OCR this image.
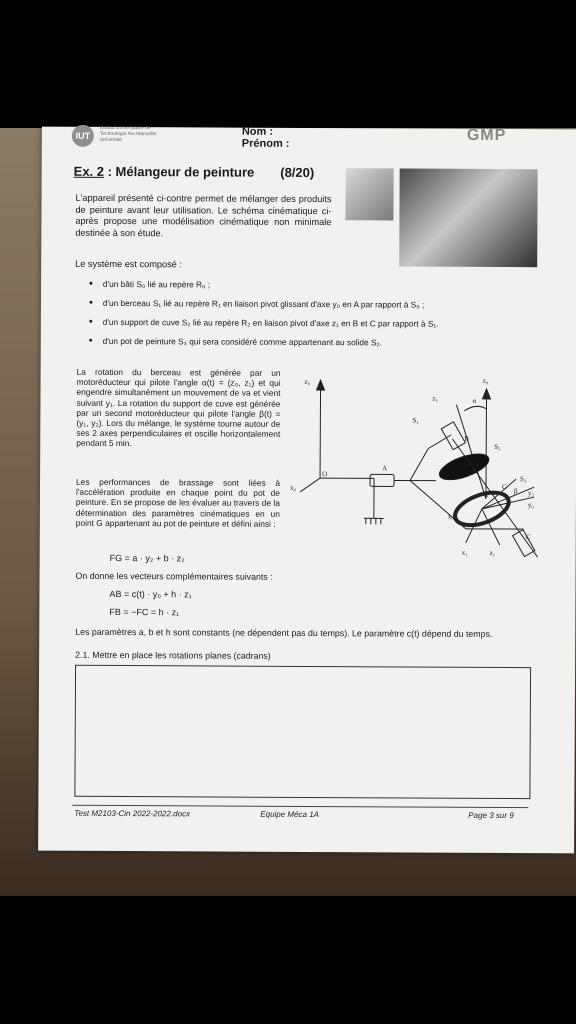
IUT
Institut Universitaire de Technologie Aix-Marseille Université
Nom :
Prénom :	GMP
Ex. 2 : Mélangeur de peinture (8/20)
L'appareil présenté ci-contre permet de mélanger des produits de peinture avant leur utilisation. Le schéma cinématique ci-après propose une modélisation cinématique non minimale destinée à son étude.
Le système est composé :
• d'un bâti S₀ lié au repère R₀ ;
• d'un berceau S₁ lié au repère R₁ en liaison pivot glissant d'axe y₀ en A par rapport à S₀ ;
• d'un support de cuve S₂ lié au repère R₂ en liaison pivot d'axe z₁ en B et C par rapport à S₁.
• d'un pot de peinture S₃ qui sera considéré comme appartenant au solide S₂.
La rotation du berceau est générée par un motoréducteur qui pilote l'angle α(t) = (z₀, z₁) et qui engendre simultanément un mouvement de va et vient suivant y₁. La rotation du support de cuve est générée par un second motoréducteur qui pilote l'angle β(t) = (y₁, y₂). Lors du mélange, le système tourne autour de ses 2 axes perpendiculaires et oscille horizontalement pendant 5 min.
Les performances de brassage sont liées à l'accélération produite en chaque point du pot de peinture. En se propose de les évaluer au travers de la détermination des paramètres cinématiques en un point G appartenant au pot de peinture et défini ainsi :
FG = a · y₂ + b · z₂
On donne les vecteurs complémentaires suivants :
AB = c(t) · y₀ + h · z₁
FB = −FC = h · z₁
Les paramètres a, b et h sont constants (ne dépendent pas du temps). Le paramètre c(t) dépend du temps.
2.1. Mettre en place les rotations planes (cadrans)
z₀	z₀
z₁	α
O
x₀
A
S₁
B
S₂
S₃
G
F	y₂
y₀
β
x₀
C
x₁	z₁
Test M2103-Cin 2022-2022.docx	Equipe Méca 1A	Page 3 sur 9
